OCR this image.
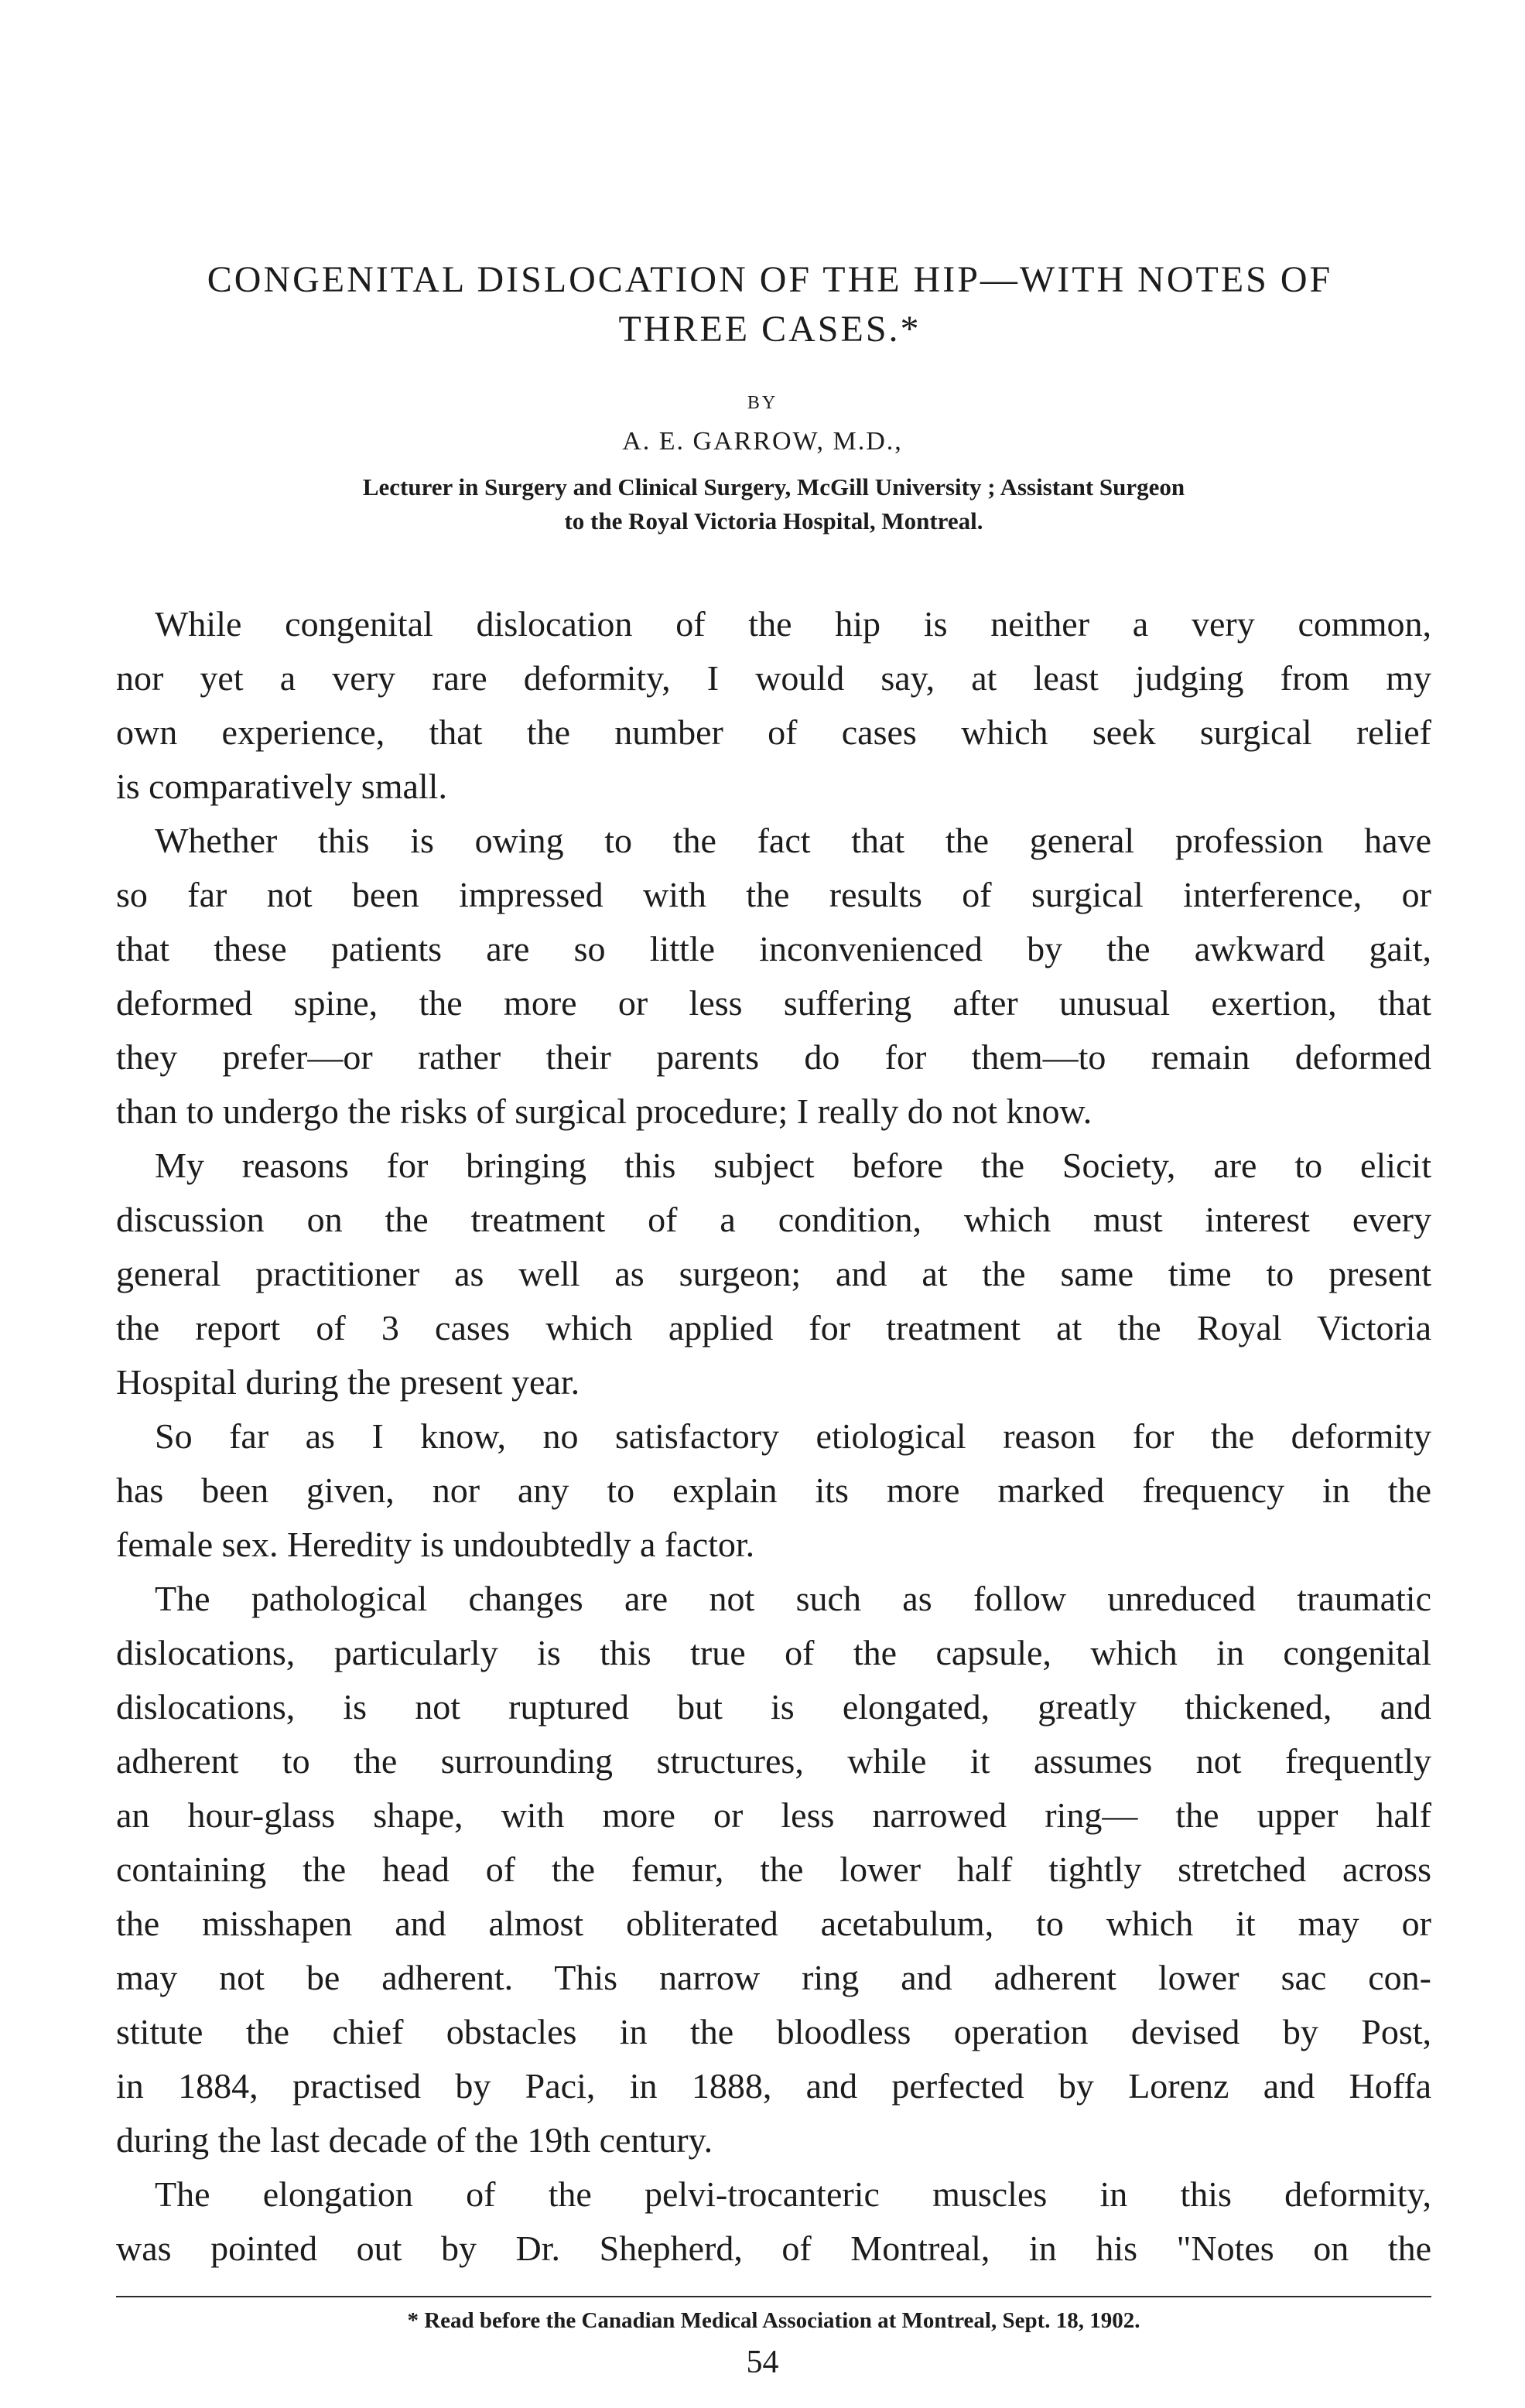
CONGENITAL DISLOCATION OF THE HIP—WITH NOTES OF
THREE CASES.*
BY
A. E. GARROW, M.D.,
Lecturer in Surgery and Clinical Surgery, McGill University ; Assistant Surgeon
to the Royal Victoria Hospital, Montreal.
While congenital dislocation of the hip is neither a very common,
nor yet a very rare deformity, I would say, at least judging from my
own experience, that the number of cases which seek surgical relief
is comparatively small.
Whether this is owing to the fact that the general profession have
so far not been impressed with the results of surgical interference, or
that these patients are so little inconvenienced by the awkward gait,
deformed spine, the more or less suffering after unusual exertion, that
they prefer—or rather their parents do for them—to remain deformed
than to undergo the risks of surgical procedure; I really do not know.
My reasons for bringing this subject before the Society, are to elicit
discussion on the treatment of a condition, which must interest every
general practitioner as well as surgeon; and at the same time to present
the report of 3 cases which applied for treatment at the Royal Victoria
Hospital during the present year.
So far as I know, no satisfactory etiological reason for the deformity
has been given, nor any to explain its more marked frequency in the
female sex. Heredity is undoubtedly a factor.
The pathological changes are not such as follow unreduced traumatic
dislocations, particularly is this true of the capsule, which in congenital
dislocations, is not ruptured but is elongated, greatly thickened, and
adherent to the surrounding structures, while it assumes not frequently
an hour-glass shape, with more or less narrowed ring— the upper half
containing the head of the femur, the lower half tightly stretched across
the misshapen and almost obliterated acetabulum, to which it may or
may not be adherent. This narrow ring and adherent lower sac con-
stitute the chief obstacles in the bloodless operation devised by Post,
in 1884, practised by Paci, in 1888, and perfected by Lorenz and Hoffa
during the last decade of the 19th century.
The elongation of the pelvi-trocanteric muscles in this deformity,
was pointed out by Dr. Shepherd, of Montreal, in his "Notes on the
* Read before the Canadian Medical Association at Montreal, Sept. 18, 1902.
54
